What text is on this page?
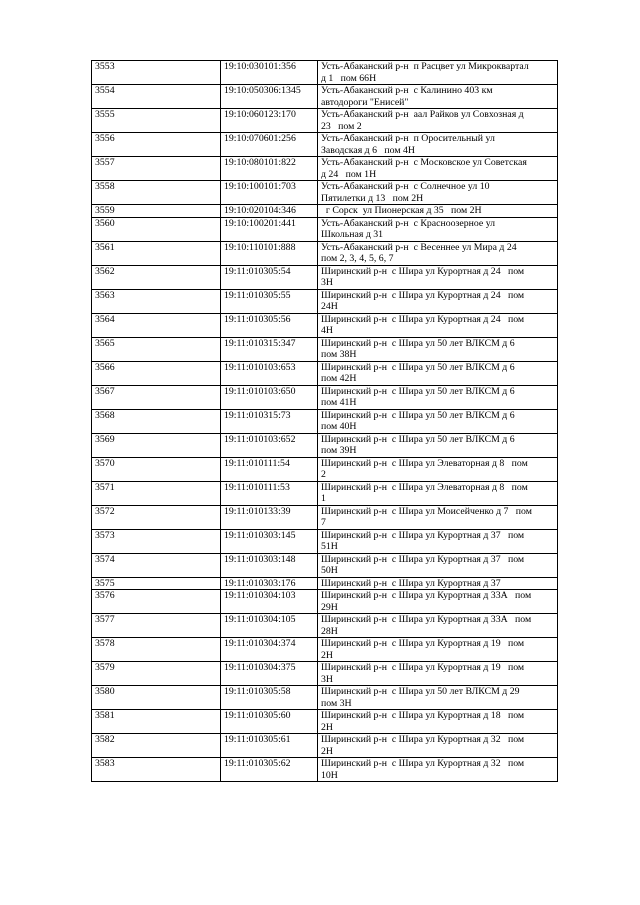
3553	19:10:030101:356	Усть-Абаканский р-н  п Расцвет ул Микроквартал
д 1   пом 66Н

3554	19:10:050306:1345	Усть-Абаканский р-н  с Калинино 403 км
автодороги "Енисей"

3555	19:10:060123:170	Усть-Абаканский р-н  аал Райков ул Совхозная д
23   пом 2

3556	19:10:070601:256	Усть-Абаканский р-н  п Оросительный ул
Заводская д 6   пом 4Н

3557	19:10:080101:822	Усть-Абаканский р-н  с Московское ул Советская
д 24   пом 1Н

3558	19:10:100101:703	Усть-Абаканский р-н  с Солнечное ул 10
Пятилетки д 13   пом 2Н

3559	19:10:020104:346	г Сорск  ул Пионерская д 35   пом 2Н

3560	19:10:100201:441	Усть-Абаканский р-н  с Красноозерное ул
Школьная д 31

3561	19:10:110101:888	Усть-Абаканский р-н  с Весеннее ул Мира д 24
пом 2, 3, 4, 5, 6, 7

3562	19:11:010305:54	Ширинский р-н  с Шира ул Курортная д 24   пом
3Н

3563	19:11:010305:55	Ширинский р-н  с Шира ул Курортная д 24   пом
24Н

3564	19:11:010305:56	Ширинский р-н  с Шира ул Курортная д 24   пом
4Н

3565	19:11:010315:347	Ширинский р-н  с Шира ул 50 лет ВЛКСМ д 6
пом 38Н

3566	19:11:010103:653	Ширинский р-н  с Шира ул 50 лет ВЛКСМ д 6
пом 42Н

3567	19:11:010103:650	Ширинский р-н  с Шира ул 50 лет ВЛКСМ д 6
пом 41Н

3568	19:11:010315:73	Ширинский р-н  с Шира ул 50 лет ВЛКСМ д 6
пом 40Н

3569	19:11:010103:652	Ширинский р-н  с Шира ул 50 лет ВЛКСМ д 6
пом 39Н

3570	19:11:010111:54	Ширинский р-н  с Шира ул Элеваторная д 8   пом
2

3571	19:11:010111:53	Ширинский р-н  с Шира ул Элеваторная д 8   пом
1

3572	19:11:010133:39	Ширинский р-н  с Шира ул Моисейченко д 7   пом
7

3573	19:11:010303:145	Ширинский р-н  с Шира ул Курортная д 37   пом
51Н

3574	19:11:010303:148	Ширинский р-н  с Шира ул Курортная д 37   пом
50Н

3575	19:11:010303:176	Ширинский р-н  с Шира ул Курортная д 37

3576	19:11:010304:103	Ширинский р-н  с Шира ул Курортная д 33А   пом
29Н

3577	19:11:010304:105	Ширинский р-н  с Шира ул Курортная д 33А   пом
28Н

3578	19:11:010304:374	Ширинский р-н  с Шира ул Курортная д 19   пом
2Н

3579	19:11:010304:375	Ширинский р-н  с Шира ул Курортная д 19   пом
3Н

3580	19:11:010305:58	Ширинский р-н  с Шира ул 50 лет ВЛКСМ д 29
пом 3Н

3581	19:11:010305:60	Ширинский р-н  с Шира ул Курортная д 18   пом
2Н

3582	19:11:010305:61	Ширинский р-н  с Шира ул Курортная д 32   пом
2Н

3583	19:11:010305:62	Ширинский р-н  с Шира ул Курортная д 32   пом
10Н
